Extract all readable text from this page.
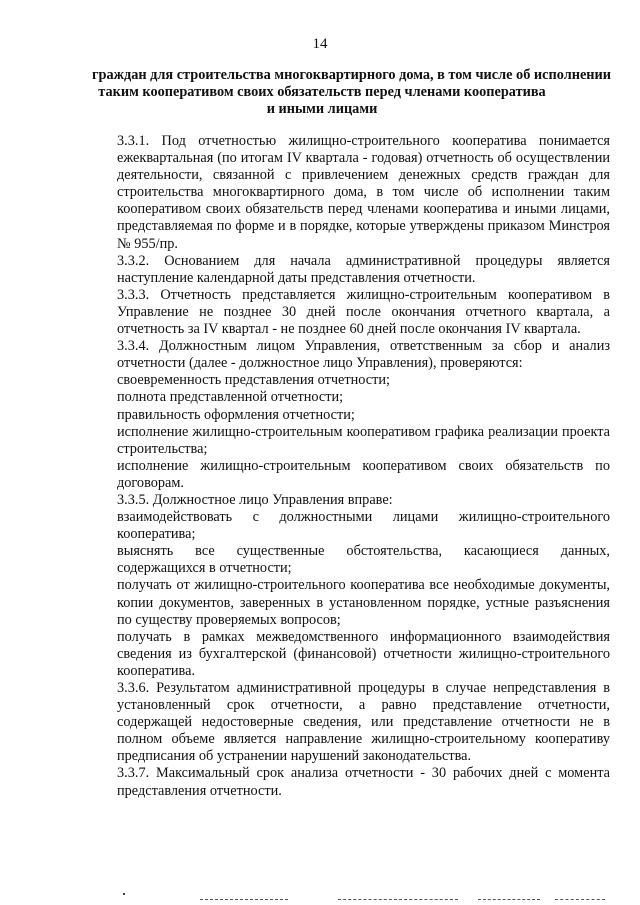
14
граждан для строительства многоквартирного дома, в том числе об исполнении
таким кооперативом своих обязательств перед членами кооператива
и иными лицами

3.3.1. Под отчетностью жилищно-строительного кооператива понимается ежеквартальная (по итогам IV квартала - годовая) отчетность об осуществлении деятельности, связанной с привлечением денежных средств граждан для строительства многоквартирного дома, в том числе об исполнении таким кооперативом своих обязательств перед членами кооператива и иными лицами, представляемая по форме и в порядке, которые утверждены приказом Минстроя № 955/пр.

3.3.2. Основанием для начала административной процедуры является наступление календарной даты представления отчетности.

3.3.3. Отчетность представляется жилищно-строительным кооперативом в Управление не позднее 30 дней после окончания отчетного квартала, а отчетность за IV квартал - не позднее 60 дней после окончания IV квартала.

3.3.4. Должностным лицом Управления, ответственным за сбор и анализ отчетности (далее - должностное лицо Управления), проверяются:

своевременность представления отчетности;

полнота представленной отчетности;

правильность оформления отчетности;

исполнение жилищно-строительным кооперативом графика реализации проекта строительства;

исполнение жилищно-строительным кооперативом своих обязательств по договорам.

3.3.5. Должностное лицо Управления вправе:

взаимодействовать с должностными лицами жилищно-строительного кооператива;

выяснять все существенные обстоятельства, касающиеся данных, содержащихся в отчетности;

получать от жилищно-строительного кооператива все необходимые документы, копии документов, заверенных в установленном порядке, устные разъяснения по существу проверяемых вопросов;

получать в рамках межведомственного информационного взаимодействия сведения из бухгалтерской (финансовой) отчетности жилищно-строительного кооператива.

3.3.6. Результатом административной процедуры в случае непредставления в установленный срок отчетности, а равно представление отчетности, содержащей недостоверные сведения, или представление отчетности не в полном объеме является направление жилищно-строительному кооперативу предписания об устранении нарушений законодательства.

3.3.7. Максимальный срок анализа отчетности - 30 рабочих дней с момента представления отчетности.
